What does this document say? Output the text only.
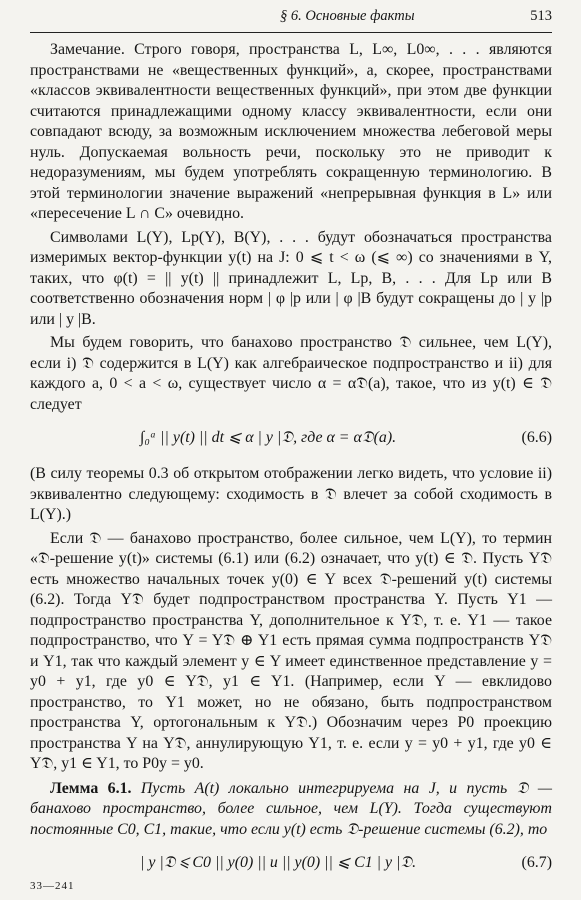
§ 6. Основные факты	513

Замечание. Строго говоря, пространства L, L∞, L0∞, . . . являются пространствами не «вещественных функций», а, скорее, пространствами «классов эквивалентности вещественных функций», при этом две функции считаются принадлежащими одному классу эквивалентности, если они совпадают всюду, за возможным исключением множества лебеговой меры нуль. Допускаемая вольность речи, поскольку это не приводит к недоразумениям, мы будем употреблять сокращенную терминологию. В этой терминологии значение выражений «непрерывная функция в L» или «пересечение L ∩ C» очевидно.

Символами L(Y), Lp(Y), B(Y), . . . будут обозначаться пространства измеримых вектор-функции y(t) на J: 0 ⩽ t < ω (⩽ ∞) со значениями в Y, таких, что φ(t) = || y(t) || принадлежит L, Lp, B, . . . Для Lp или B соответственно обозначения норм | φ |p или | φ |B будут сокращены до | y |p или | y |B.

Мы будем говорить, что банахово пространство 𝔇 сильнее, чем L(Y), если i) 𝔇 содержится в L(Y) как алгебраическое подпространство и ii) для каждого a, 0 < a < ω, существует число α = α𝔇(a), такое, что из y(t) ∈ 𝔇 следует

∫₀ᵃ || y(t) || dt ⩽ α | y |𝔇, где α = α𝔇(a).	(6.6)

(В силу теоремы 0.3 об открытом отображении легко видеть, что условие ii) эквивалентно следующему: сходимость в 𝔇 влечет за собой сходимость в L(Y).)

Если 𝔇 — банахово пространство, более сильное, чем L(Y), то термин «𝔇-решение y(t)» системы (6.1) или (6.2) означает, что y(t) ∈ 𝔇. Пусть Y𝔇 есть множество начальных точек y(0) ∈ Y всех 𝔇-решений y(t) системы (6.2). Тогда Y𝔇 будет подпространством пространства Y. Пусть Y1 — подпространство пространства Y, дополнительное к Y𝔇, т. е. Y1 — такое подпространство, что Y = Y𝔇 ⊕ Y1 есть прямая сумма подпространств Y𝔇 и Y1, так что каждый элемент y ∈ Y имеет единственное представление y = y0 + y1, где y0 ∈ Y𝔇, y1 ∈ Y1. (Например, если Y — евклидово пространство, то Y1 может, но не обязано, быть подпространством пространства Y, ортогональным к Y𝔇.) Обозначим через P0 проекцию пространства Y на Y𝔇, аннулирующую Y1, т. е. если y = y0 + y1, где y0 ∈ Y𝔇, y1 ∈ Y1, то P0y = y0.

Лемма 6.1. Пусть A(t) локально интегрируема на J, и пусть 𝔇 — банахово пространство, более сильное, чем L(Y). Тогда существуют постоянные C0, C1, такие, что если y(t) есть 𝔇-решение системы (6.2), то

| y |𝔇 ⩽ C0 || y(0) || и || y(0) || ⩽ C1 | y |𝔇.	(6.7)
33—241
